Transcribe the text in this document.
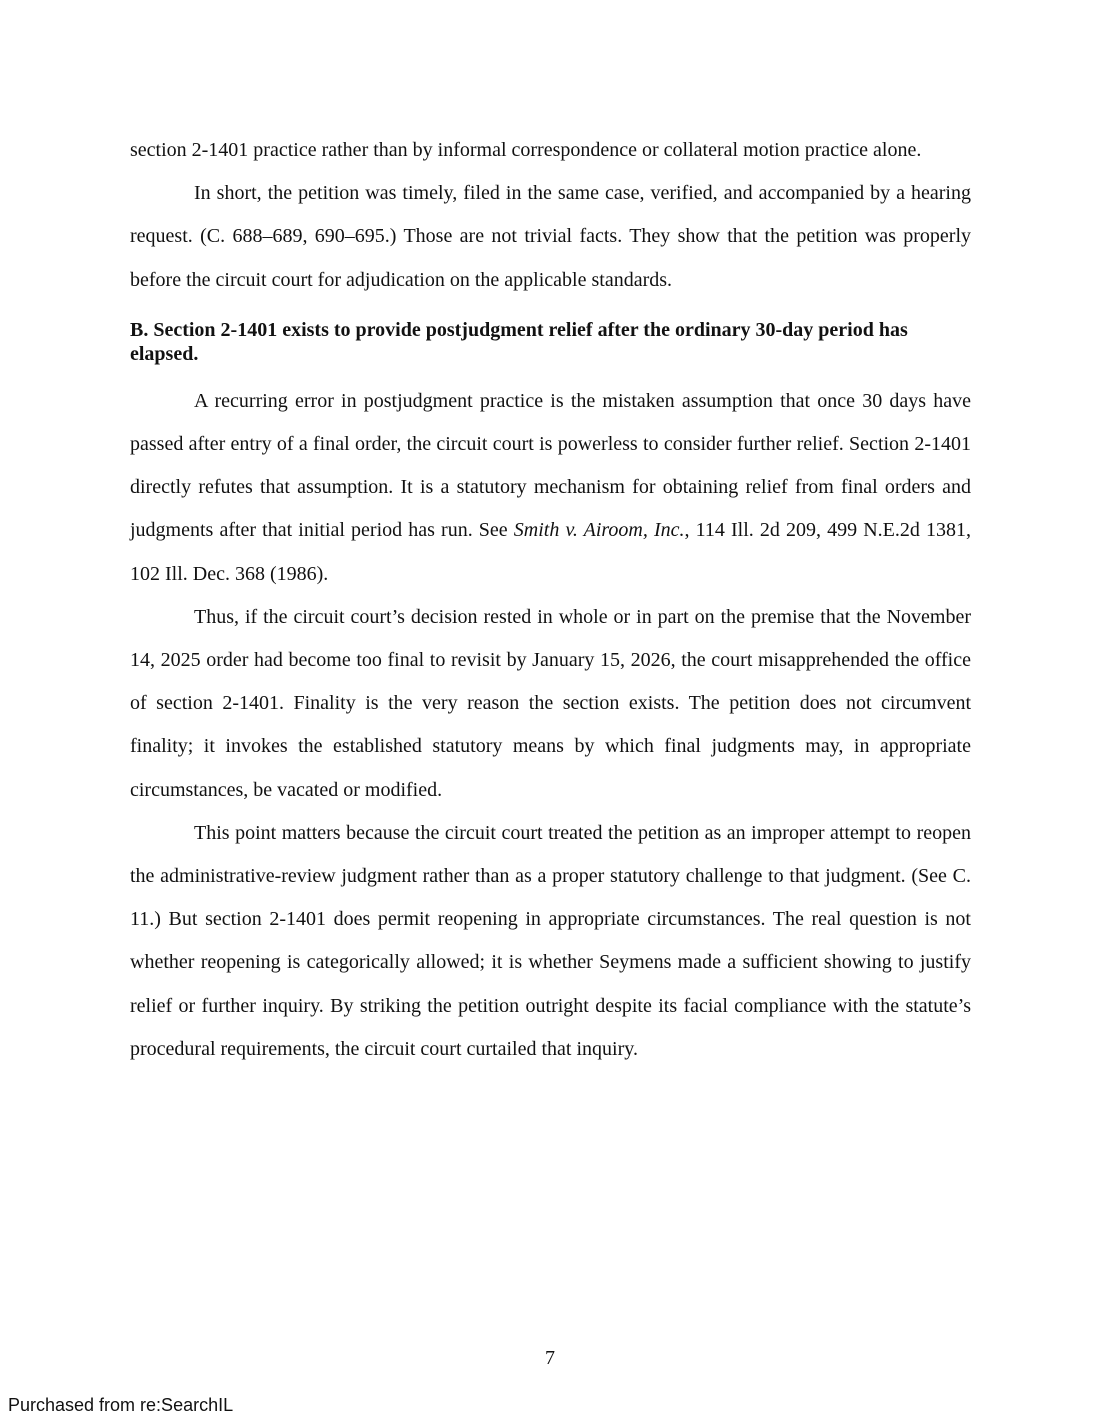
section 2-1401 practice rather than by informal correspondence or collateral motion practice alone.

In short, the petition was timely, filed in the same case, verified, and accompanied by a hearing request. (C. 688–689, 690–695.) Those are not trivial facts. They show that the petition was properly before the circuit court for adjudication on the applicable standards.

B. Section 2-1401 exists to provide postjudgment relief after the ordinary 30-day period has elapsed.

A recurring error in postjudgment practice is the mistaken assumption that once 30 days have passed after entry of a final order, the circuit court is powerless to consider further relief. Section 2-1401 directly refutes that assumption. It is a statutory mechanism for obtaining relief from final orders and judgments after that initial period has run. See Smith v. Airoom, Inc., 114 Ill. 2d 209, 499 N.E.2d 1381, 102 Ill. Dec. 368 (1986).

Thus, if the circuit court’s decision rested in whole or in part on the premise that the November 14, 2025 order had become too final to revisit by January 15, 2026, the court misapprehended the office of section 2-1401. Finality is the very reason the section exists. The petition does not circumvent finality; it invokes the established statutory means by which final judgments may, in appropriate circumstances, be vacated or modified.

This point matters because the circuit court treated the petition as an improper attempt to reopen the administrative-review judgment rather than as a proper statutory challenge to that judgment. (See C. 11.) But section 2-1401 does permit reopening in appropriate circumstances. The real question is not whether reopening is categorically allowed; it is whether Seymens made a sufficient showing to justify relief or further inquiry. By striking the petition outright despite its facial compliance with the statute’s procedural requirements, the circuit court curtailed that inquiry.

7
Purchased from re:SearchIL
